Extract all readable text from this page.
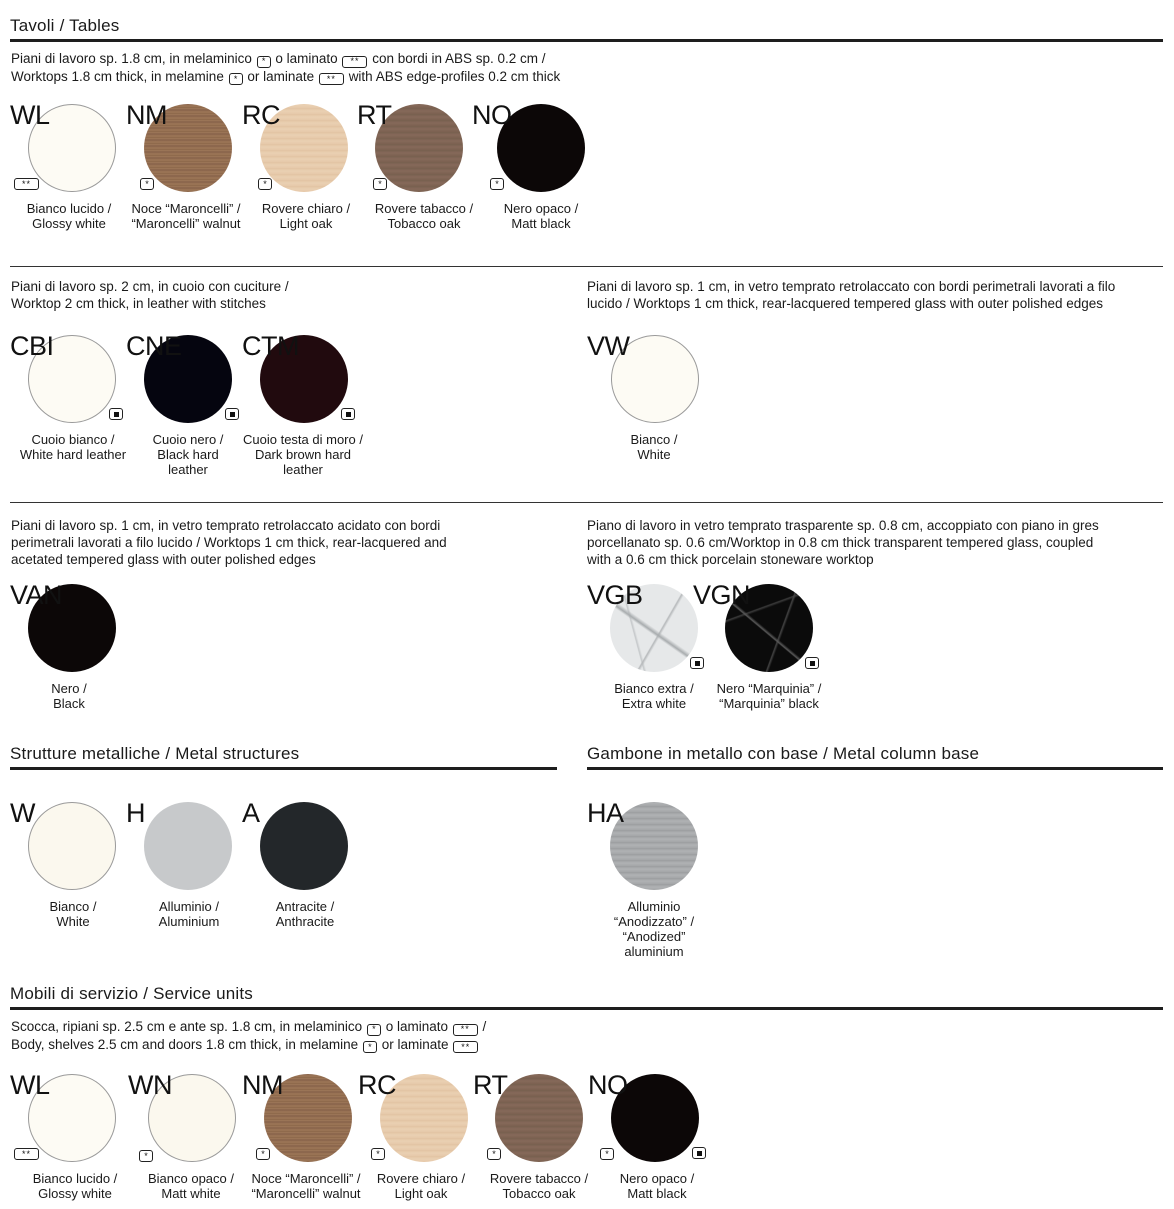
Tavoli / Tables
Piani di lavoro sp. 1.8 cm, in melaminico * o laminato ** con bordi in ABS sp. 0.2 cm /
Worktops 1.8 cm thick, in melamine * or laminate ** with ABS edge-profiles 0.2 cm thick
WL
**
Bianco lucido /
Glossy white
NM
*
Noce “Maroncelli” /
“Maroncelli” walnut
RC
*
Rovere chiaro /
Light oak
RT
*
Rovere tabacco /
Tobacco oak
NO
*
Nero opaco /
Matt black
Piani di lavoro sp. 2 cm, in cuoio con cuciture /
Worktop 2 cm thick, in leather with stitches
CBI
Cuoio bianco /
White hard leather
CNE
Cuoio nero /
Black hard
leather
CTM
Cuoio testa di moro /
Dark brown hard
leather
Piani di lavoro sp. 1 cm, in vetro temprato retrolaccato con bordi perimetrali lavorati a filo
lucido / Worktops 1 cm thick, rear-lacquered tempered glass with outer polished edges
VW
Bianco /
White
Piani di lavoro sp. 1 cm, in vetro temprato retrolaccato acidato con bordi
perimetrali lavorati a filo lucido / Worktops 1 cm thick, rear-lacquered and
acetated tempered glass with outer polished edges
VAN
Nero /
Black
Piano di lavoro in vetro temprato trasparente sp. 0.8 cm, accoppiato con piano in gres
porcellanato sp. 0.6 cm/Worktop in 0.8 cm thick transparent tempered glass, coupled
with a 0.6 cm thick porcelain stoneware worktop
VGB
Bianco extra /
Extra white
VGN
Nero “Marquinia” /
“Marquinia” black
Strutture metalliche / Metal structures
W
Bianco /
White
H
Alluminio /
Aluminium
A
Antracite /
Anthracite
Gambone in metallo con base / Metal column base
HA
Alluminio
“Anodizzato” /
“Anodized”
aluminium
Mobili di servizio / Service units
Scocca, ripiani sp. 2.5 cm e ante sp. 1.8 cm, in melaminico * o laminato ** /
Body, shelves 2.5 cm and doors 1.8 cm thick, in melamine * or laminate **
WL
**
Bianco lucido /
Glossy white
WN
*
Bianco opaco /
Matt white
NM
*
Noce “Maroncelli” /
“Maroncelli” walnut
RC
*
Rovere chiaro /
Light oak
RT
*
Rovere tabacco /
Tobacco oak
NO
*
Nero opaco /
Matt black
